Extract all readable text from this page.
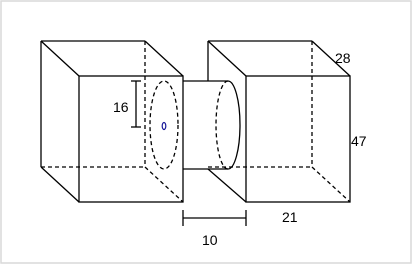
16
10
28
47
21
